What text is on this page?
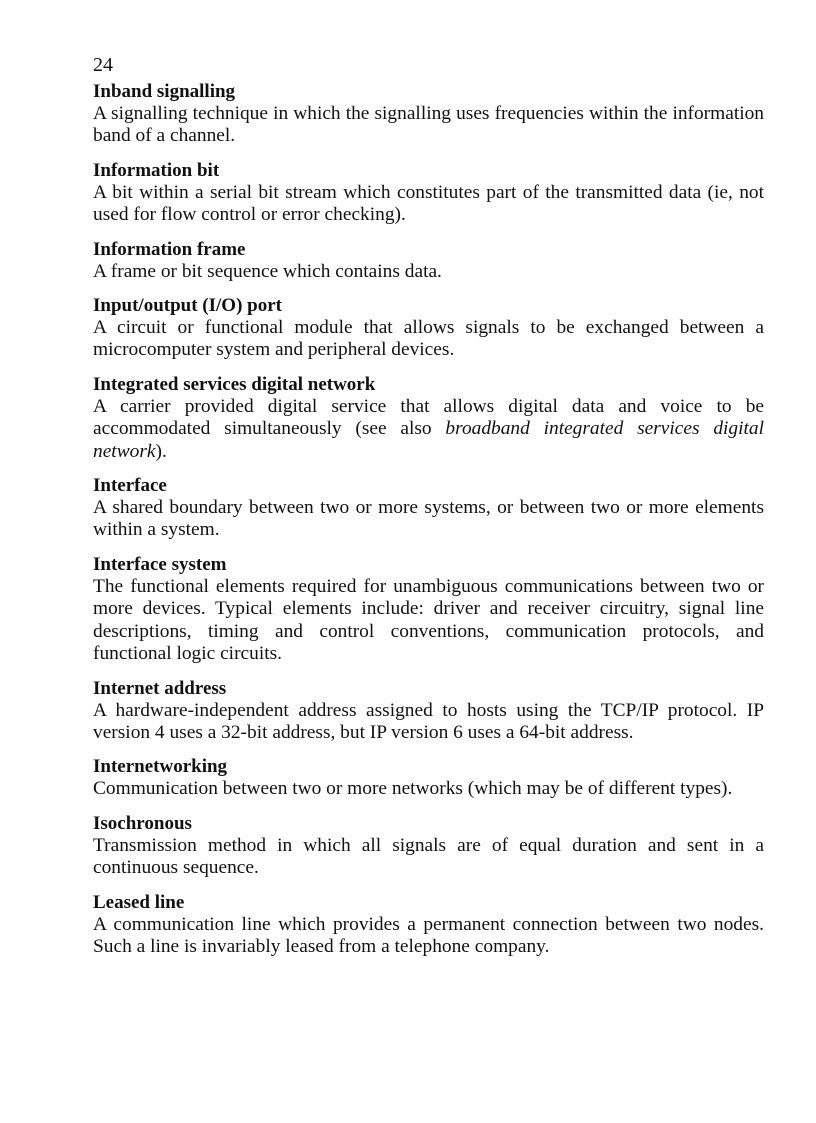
24

Inband signalling

A signalling technique in which the signalling uses frequencies within the information band of a channel.

Information bit

A bit within a serial bit stream which constitutes part of the transmitted data (ie, not used for flow control or error checking).

Information frame

A frame or bit sequence which contains data.

Input/output (I/O) port

A circuit or functional module that allows signals to be exchanged between a microcomputer system and peripheral devices.

Integrated services digital network

A carrier provided digital service that allows digital data and voice to be accommodated simultaneously (see also broadband integrated services digital network).

Interface

A shared boundary between two or more systems, or between two or more elements within a system.

Interface system

The functional elements required for unambiguous communications between two or more devices. Typical elements include: driver and receiver circuitry, signal line descriptions, timing and control conventions, communication protocols, and functional logic circuits.

Internet address

A hardware-independent address assigned to hosts using the TCP/IP protocol. IP version 4 uses a 32-bit address, but IP version 6 uses a 64-bit address.

Internetworking

Communication between two or more networks (which may be of different types).

Isochronous

Transmission method in which all signals are of equal duration and sent in a continuous sequence.

Leased line

A communication line which provides a permanent connection between two nodes. Such a line is invariably leased from a telephone company.
